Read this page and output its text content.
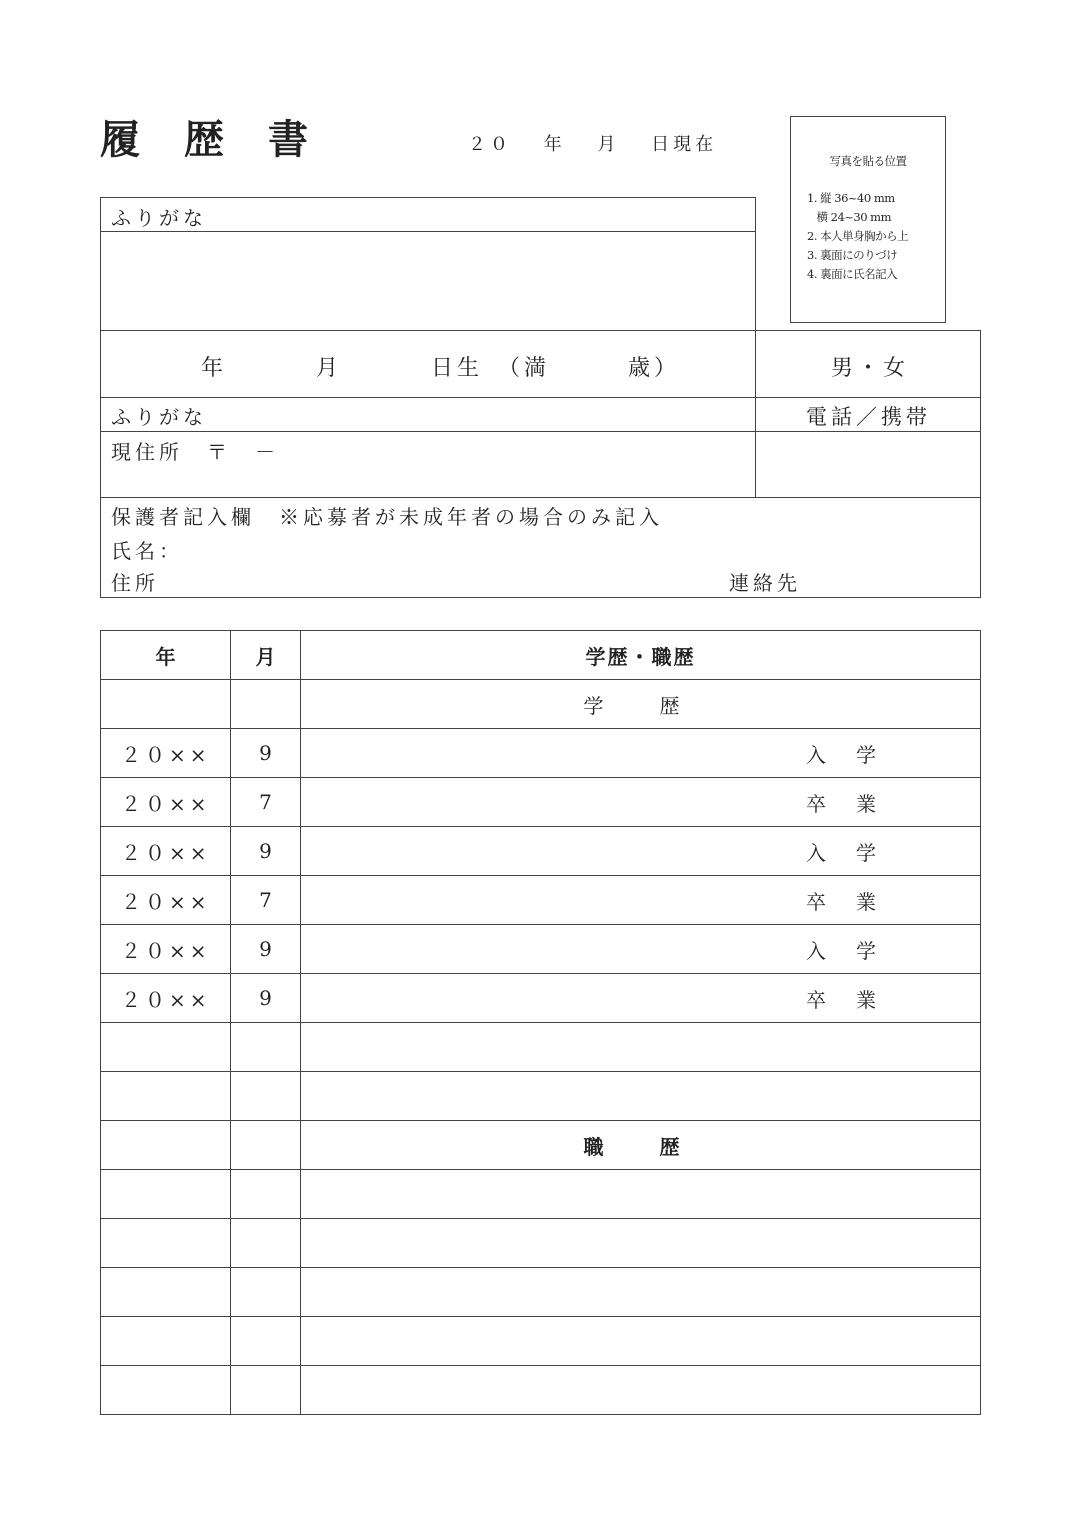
履歴書	２０　 年　 月　 日現在
写真を貼る位置
1. 縦 36~40 mm
横 24~30 mm
2. 本人単身胸から上
3. 裏面にのりづけ
4. 裏面に氏名記入
ふりがな
年　　　 月　　　 日生　（満　　　歳）	男・女
ふりがな	電話／携帯
現住所　〒　－
保護者記入欄　※応募者が未成年者の場合のみ記入
氏名：
住所	連絡先
年	月	学歴・職歴
		学　歴
２０××	9	入学
２０××	7	卒業
２０××	9	入学
２０××	7	卒業
２０××	9	入学
２０××	9	卒業

		職　歴
